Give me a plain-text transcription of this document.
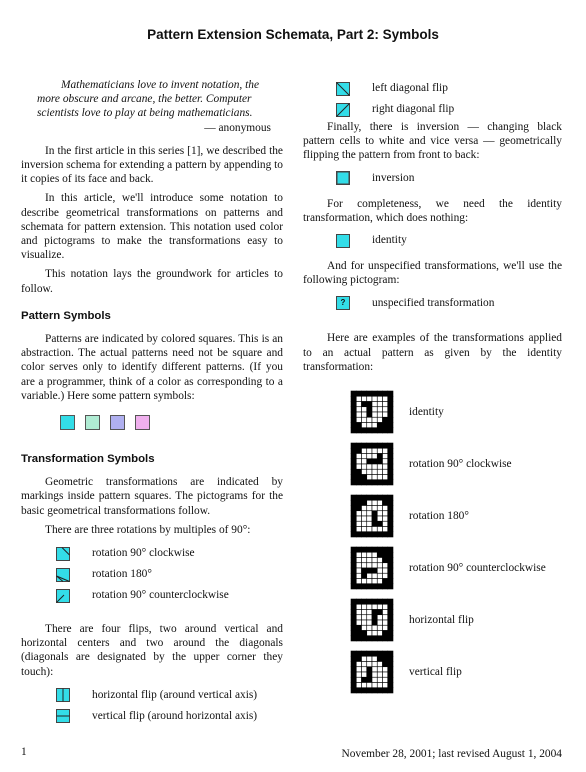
Pattern Extension Schemata, Part 2: Symbols

Mathematicians love to invent notation, the more obscure and arcane, the better. Computer scientists love to play at being mathematicians.

— anonymous

In the first article in this series [1], we described the inversion schema for extending a pattern by appending to it copies of its face and back.

In this article, we'll introduce some notation to describe geometrical transformations on patterns and schemata for pattern extension. This notation used color and pictograms to make the transformations easy to visualize.

This notation lays the groundwork for articles to follow.

Pattern Symbols

Patterns are indicated by colored squares. This is an abstraction. The actual patterns need not be square and color serves only to identify different patterns. (If you are a programmer, think of a color as corresponding to a variable.) Here some pattern symbols:

Transformation Symbols

Geometric transformations are indicated by markings inside pattern squares. The pictograms for the basic geometrical transformations follow.

There are three rotations by multiples of 90°:

rotation 90° clockwise
rotation 180°
rotation 90° counterclockwise

There are four flips, two around vertical and horizontal centers and two around the diagonals (diagonals are designated by the upper corner they touch):

horizontal flip (around vertical axis)
vertical flip (around horizontal axis)
left diagonal flip
right diagonal flip

Finally, there is inversion — changing black pattern cells to white and vice versa — geometrically flipping the pattern from front to back:

inversion

For completeness, we need the identity transformation, which does nothing:

identity

And for unspecified transformations, we'll use the following pictogram:

?	unspecified transformation

Here are examples of the transformations applied to an actual pattern as given by the identity transformation:

identity
rotation 90° clockwise
rotation 180°
rotation 90° counterclockwise
horizontal flip
vertical flip
1	November 28, 2001; last revised August 1, 2004
